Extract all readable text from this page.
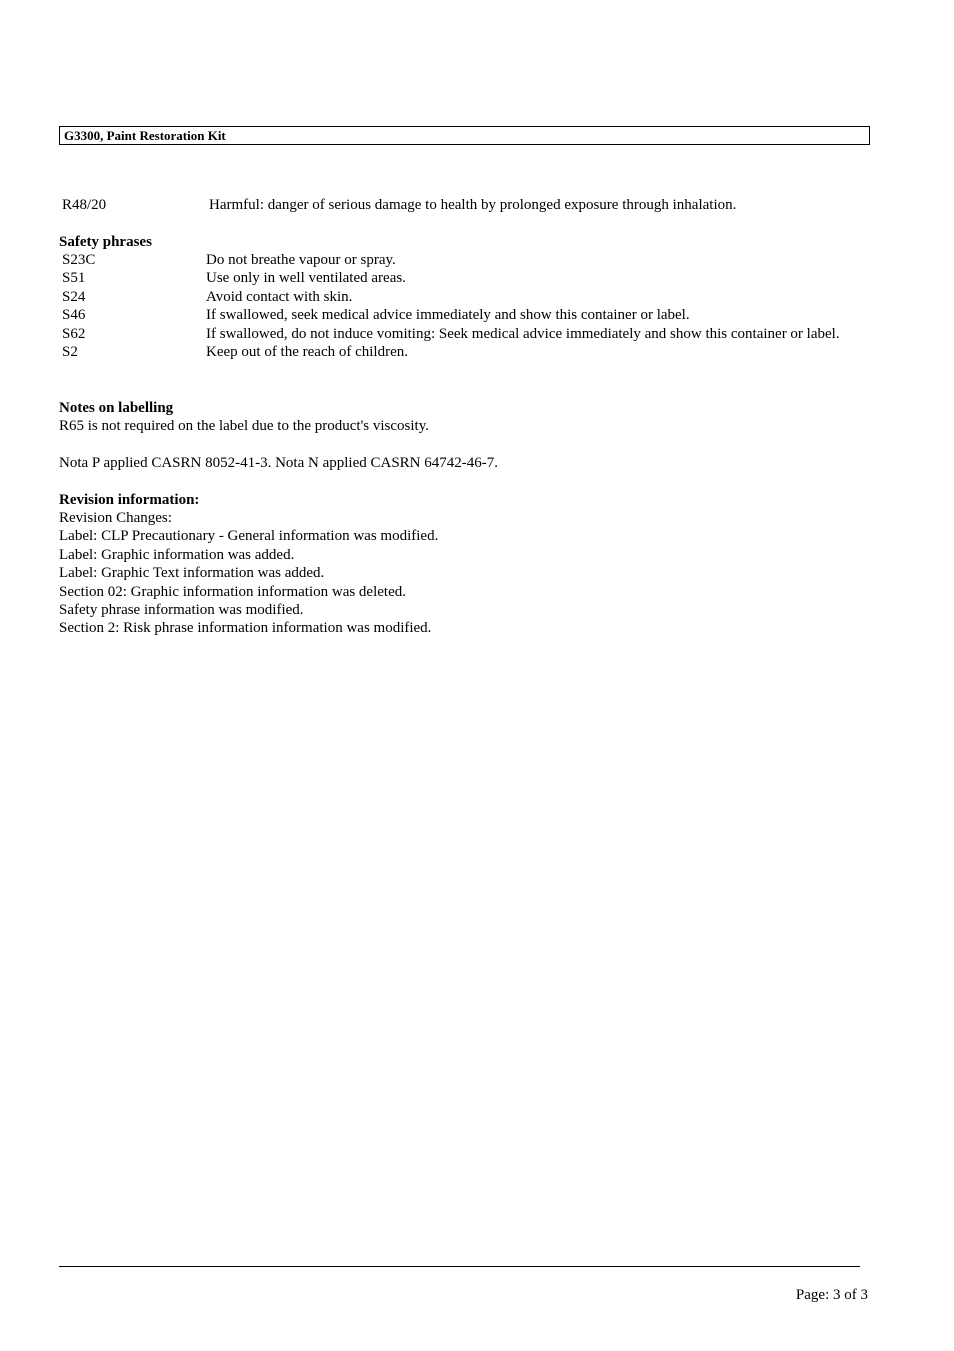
G3300, Paint Restoration Kit
R48/20	Harmful: danger of serious damage to health by prolonged exposure through inhalation.
Safety phrases
S23C	Do not breathe vapour or spray.
S51	Use only in well ventilated areas.
S24	Avoid contact with skin.
S46	If swallowed, seek medical advice immediately and show this container or label.
S62	If swallowed, do not induce vomiting: Seek medical advice immediately and show this container or label.
S2	Keep out of the reach of children.
Notes on labelling
R65 is not required on the label due to the product's viscosity.
Nota P applied CASRN 8052-41-3. Nota N applied CASRN 64742-46-7.
Revision information:
Revision Changes:
Label: CLP Precautionary - General information was modified.
Label: Graphic information was added.
Label: Graphic Text information was added.
Section 02: Graphic information information was deleted.
Safety phrase information was modified.
Section 2: Risk phrase information information was modified.
Page: 3 of 3
